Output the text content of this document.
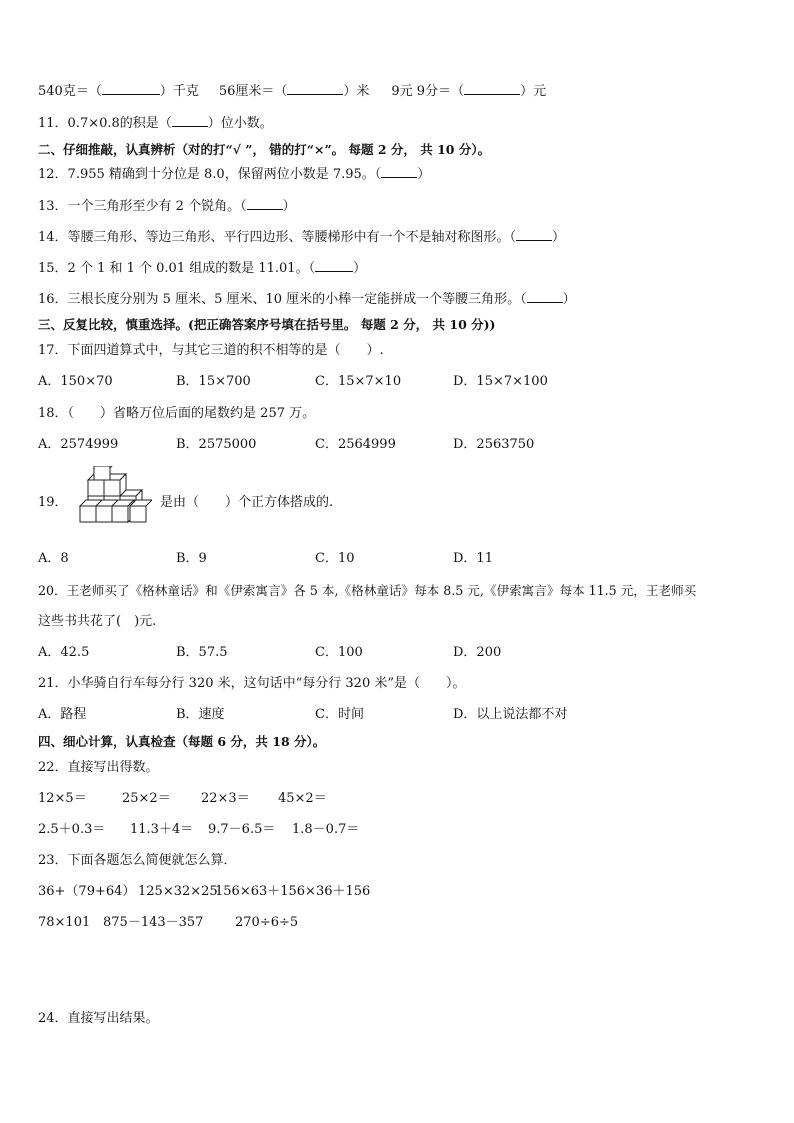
540克＝（	）千克 56厘米＝（	）米 9元 9分＝（	）元
11．0.7×0.8的积是（	）位小数。
二、仔细推敲，认真辨析（对的打“√ ”， 错的打“×”。 每题 2 分， 共 10 分）。
12．7.955 精确到十分位是 8.0，保留两位小数是 7.95。（	）
13．一个三角形至少有 2 个锐角。（	）
14．等腰三角形、等边三角形、平行四边形、等腰梯形中有一个不是轴对称图形。（	）
15．2 个 1 和 1 个 0.01 组成的数是 11.01。（	）
16．三根长度分别为 5 厘米、5 厘米、10 厘米的小棒一定能拼成一个等腰三角形。（	）
三、反复比较，慎重选择。(把正确答案序号填在括号里。 每题 2 分， 共 10 分))
17．下面四道算式中，与其它三道的积不相等的是（　　）.
A．150×70	B．15×700	C．15×7×10	D．15×7×100
18．（　　）省略万位后面的尾数约是 257 万。
A．2574999	B．2575000	C．2564999	D．2563750
19．	是由（　　）个正方体搭成的.
A．8	B．9	C．10	D．11
20．王老师买了《格林童话》和《伊索寓言》各 5 本,《格林童话》每本 8.5 元,《伊索寓言》每本 11.5 元，王老师买
这些书共花了(　)元.
A．42.5	B．57.5	C．100	D．200
21．小华骑自行车每分行 320 米，这句话中“每分行 320 米”是（　　）。
A．路程	B．速度	C．时间	D．以上说法都不对
四、细心计算，认真检查（每题 6 分，共 18 分）。
22．直接写出得数。
12×5＝	25×2＝ 22×3＝ 45×2＝
2.5＋0.3＝ 11.3＋4＝ 9.7－6.5＝ 1.8－0.7＝
23．下面各题怎么简便就怎么算．
36+（79+64） 125×32×25
156×63＋156×36＋156
78×101 875－143－357 270÷6÷5
24．直接写出结果。
